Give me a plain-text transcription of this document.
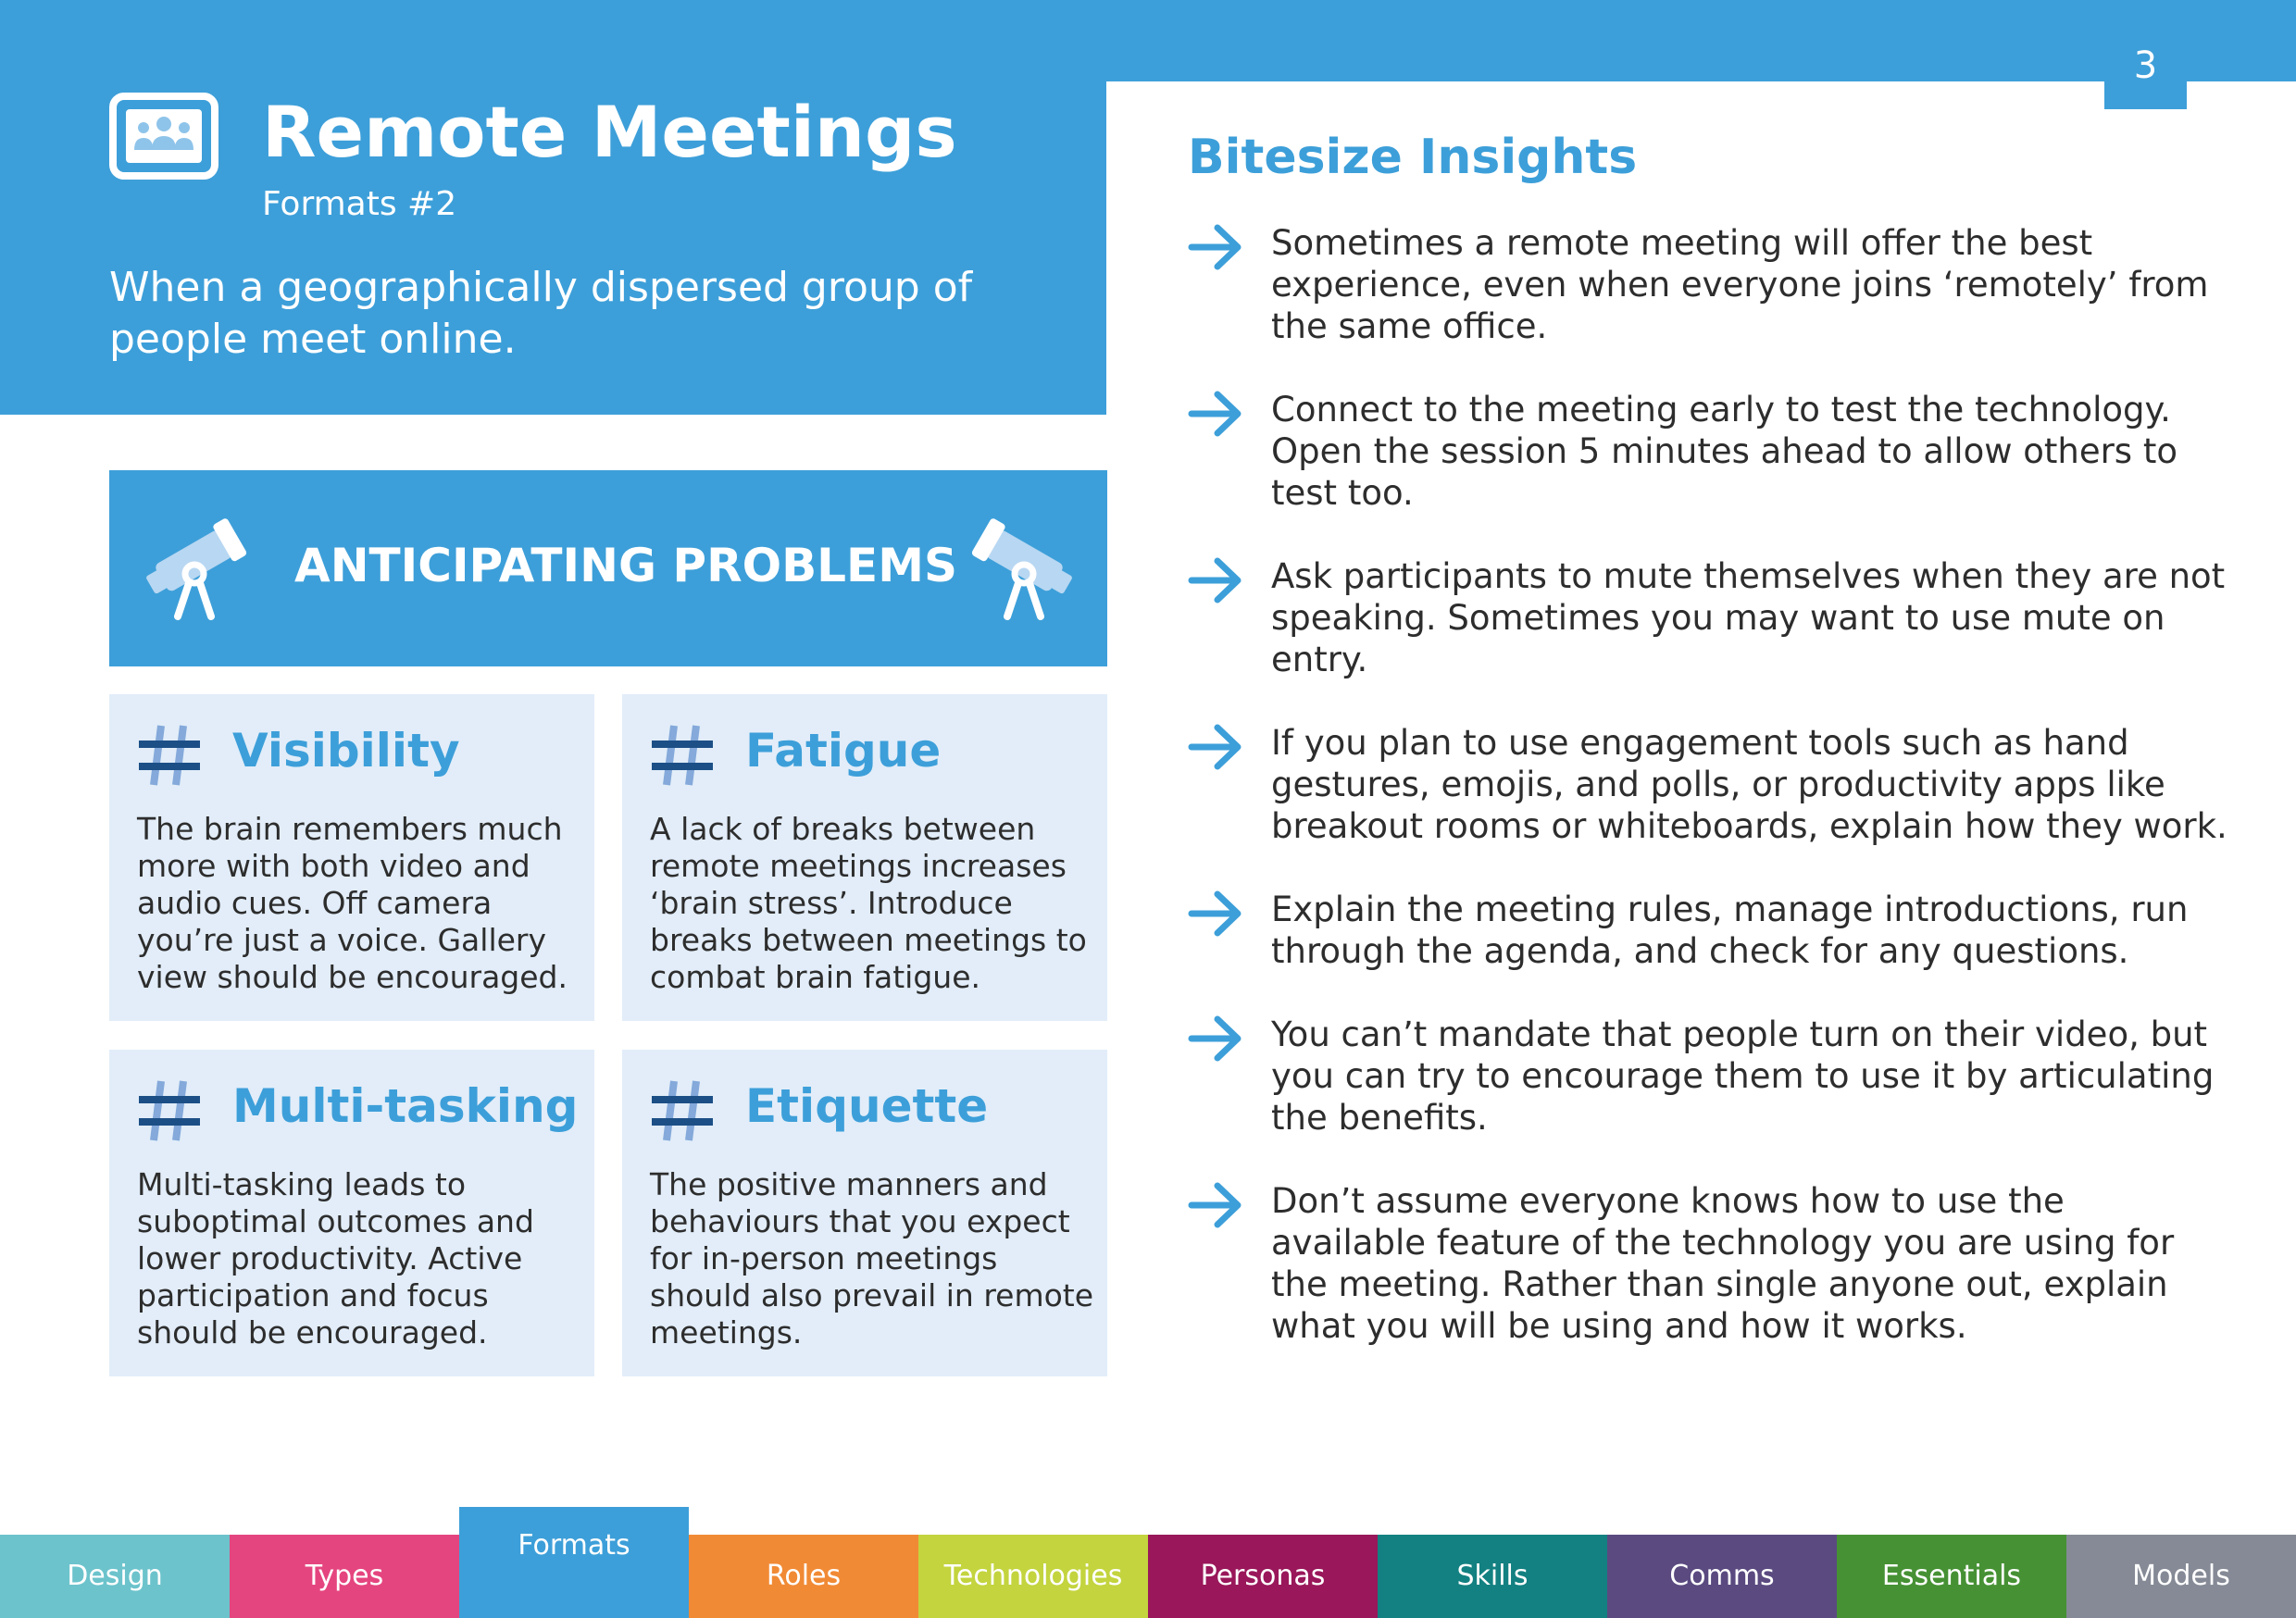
3
Remote Meetings
Formats #2
When a geographically dispersed group of people meet online.
ANTICIPATING PROBLEMS
Visibility
The brain remembers much more with both video and audio cues. Off camera you’re just a voice. Gallery view should be encouraged.
Fatigue
A lack of breaks between remote meetings increases ‘brain stress’. Introduce breaks between meetings to combat brain fatigue.
Multi-tasking
Multi-tasking leads to suboptimal outcomes and lower productivity. Active participation and focus should be encouraged.
Etiquette
The positive manners and behaviours that you expect for in-person meetings should also prevail in remote meetings.
Bitesize Insights
Sometimes a remote meeting will offer the best experience, even when everyone joins ‘remotely’ from the same office.
Connect to the meeting early to test the technology. Open the session 5 minutes ahead to allow others to test too.
Ask participants to mute themselves when they are not speaking. Sometimes you may want to use mute on entry.
If you plan to use engagement tools such as hand gestures, emojis, and polls, or productivity apps like breakout rooms or whiteboards, explain how they work.
Explain the meeting rules, manage introductions, run through the agenda, and check for any questions.
You can’t mandate that people turn on their video, but you can try to encourage them to use it by articulating the benefits.
Don’t assume everyone knows how to use the available feature of the technology you are using for the meeting. Rather than single anyone out, explain what you will be using and how it works.
Design	Types
Formats
Roles	Technologies	Personas	Skills	Comms	Essentials	Models
